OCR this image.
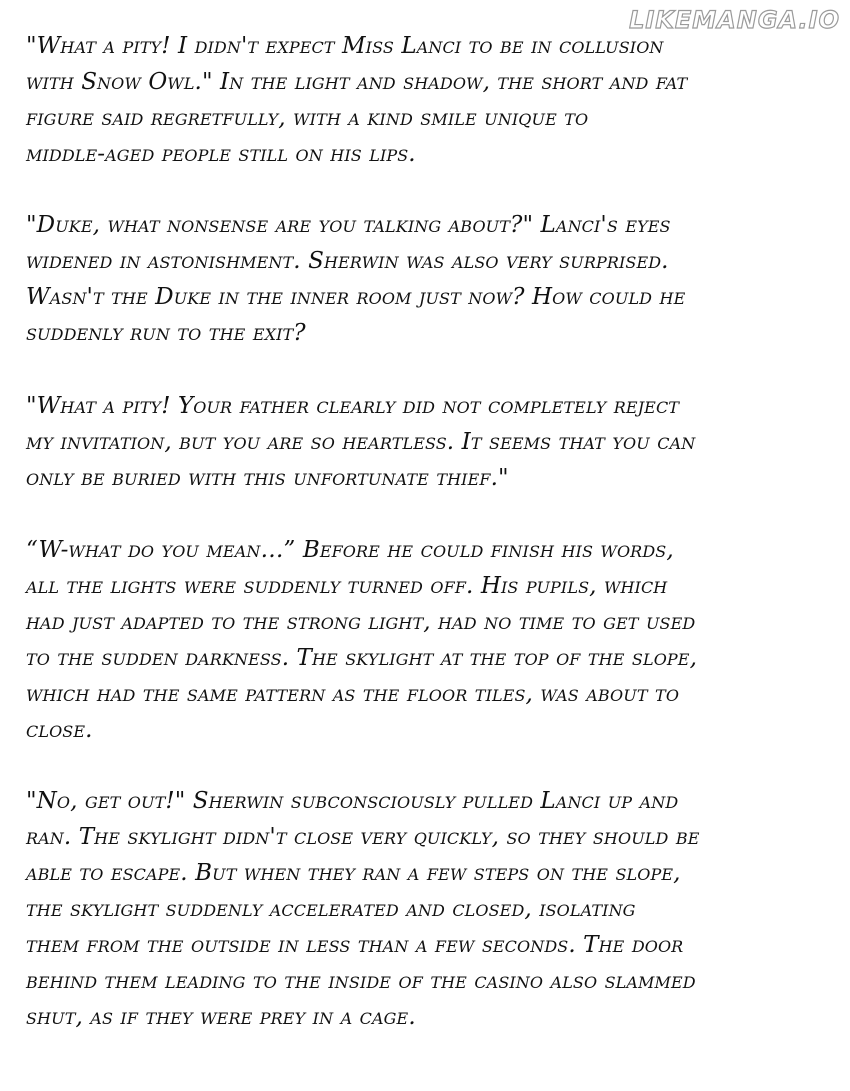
LIKEMANGA.IO

"What a pity! I didn't expect Miss Lanci to be in collusion
with Snow Owl." In the light and shadow, the short and fat
figure said regretfully, with a kind smile unique to
middle-aged people still on his lips.

"Duke, what nonsense are you talking about?" Lanci's eyes
widened in astonishment. Sherwin was also very surprised.
Wasn't the Duke in the inner room just now? How could he
suddenly run to the exit?

"What a pity! Your father clearly did not completely reject
my invitation, but you are so heartless. It seems that you can
only be buried with this unfortunate thief."

“W-what do you mean…” Before he could finish his words,
all the lights were suddenly turned off. His pupils, which
had just adapted to the strong light, had no time to get used
to the sudden darkness. The skylight at the top of the slope,
which had the same pattern as the floor tiles, was about to
close.

"No, get out!" Sherwin subconsciously pulled Lanci up and
ran. The skylight didn't close very quickly, so they should be
able to escape. But when they ran a few steps on the slope,
the skylight suddenly accelerated and closed, isolating
them from the outside in less than a few seconds. The door
behind them leading to the inside of the casino also slammed
shut, as if they were prey in a cage.
